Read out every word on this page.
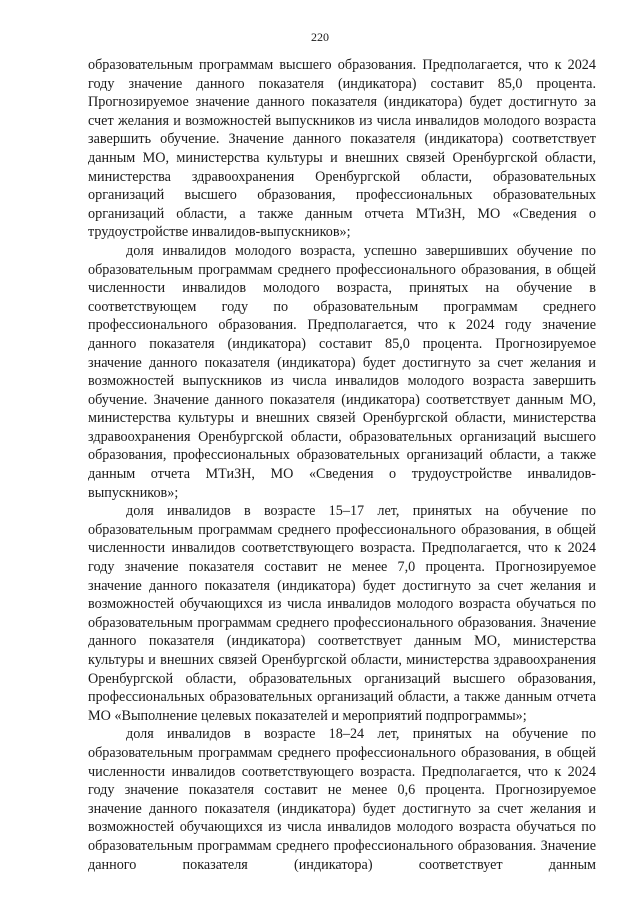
220

образовательным программам высшего образования. Предполагается, что к 2024 году значение данного показателя (индикатора) составит 85,0 процента. Прогнозируемое значение данного показателя (индикатора) будет достигнуто за счет желания и возможностей выпускников из числа инвалидов молодого возраста завершить обучение. Значение данного показателя (индикатора) соответствует данным МО, министерства культуры и внешних связей Оренбургской области, министерства здравоохранения Оренбургской области, образовательных организаций высшего образования, профессиональных образовательных организаций области, а также данным отчета МТиЗН, МО «Сведения о трудоустройстве инвалидов-выпускников»;

доля инвалидов молодого возраста, успешно завершивших обучение по образовательным программам среднего профессионального образования, в общей численности инвалидов молодого возраста, принятых на обучение в соответствующем году по образовательным программам среднего профессионального образования. Предполагается, что к 2024 году значение данного показателя (индикатора) составит 85,0 процента. Прогнозируемое значение данного показателя (индикатора) будет достигнуто за счет желания и возможностей выпускников из числа инвалидов молодого возраста завершить обучение. Значение данного показателя (индикатора) соответствует данным МО, министерства культуры и внешних связей Оренбургской области, министерства здравоохранения Оренбургской области, образовательных организаций высшего образования, профессиональных образовательных организаций области, а также данным отчета МТиЗН, МО «Сведения о трудоустройстве инвалидов-выпускников»;

доля инвалидов в возрасте 15–17 лет, принятых на обучение по образовательным программам среднего профессионального образования, в общей численности инвалидов соответствующего возраста. Предполагается, что к 2024 году значение показателя составит не менее 7,0 процента. Прогнозируемое значение данного показателя (индикатора) будет достигнуто за счет желания и возможностей обучающихся из числа инвалидов молодого возраста обучаться по образовательным программам среднего профессионального образования. Значение данного показателя (индикатора) соответствует данным МО, министерства культуры и внешних связей Оренбургской области, министерства здравоохранения Оренбургской области, образовательных организаций высшего образования, профессиональных образовательных организаций области, а также данным отчета МО «Выполнение целевых показателей и мероприятий подпрограммы»;

доля инвалидов в возрасте 18–24 лет, принятых на обучение по образовательным программам среднего профессионального образования, в общей численности инвалидов соответствующего возраста. Предполагается, что к 2024 году значение показателя составит не менее 0,6 процента. Прогнозируемое значение данного показателя (индикатора) будет достигнуто за счет желания и возможностей обучающихся из числа инвалидов молодого возраста обучаться по образовательным программам среднего профессионального образования. Значение данного показателя (индикатора) соответствует данным
